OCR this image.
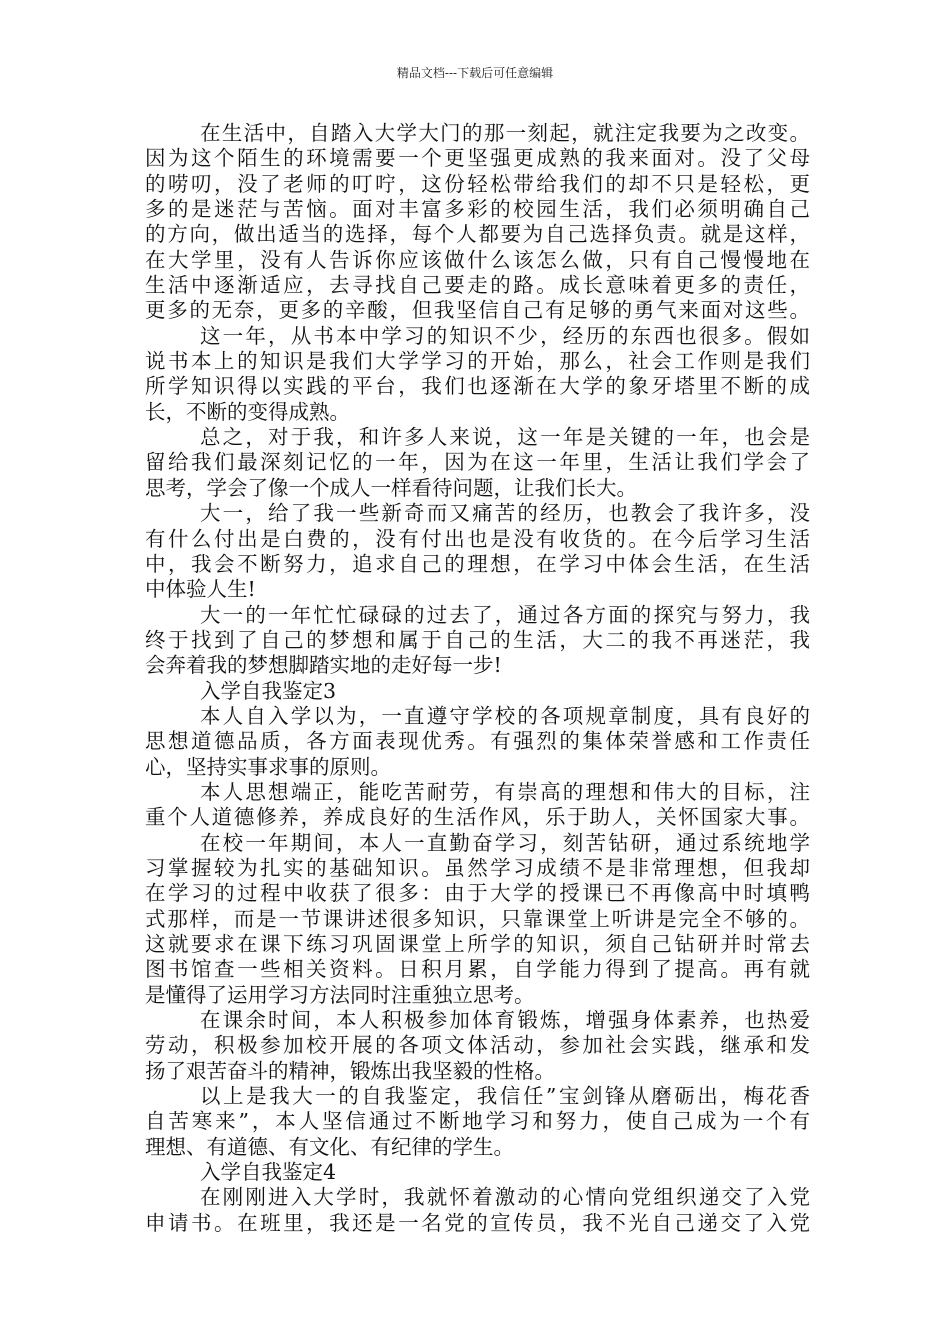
精品文档---下载后可任意编辑
在生活中，自踏入大学大门的那一刻起，就注定我要为之改变。
因为这个陌生的环境需要一个更坚强更成熟的我来面对。没了父母
的唠叨，没了老师的叮咛，这份轻松带给我们的却不只是轻松，更
多的是迷茫与苦恼。面对丰富多彩的校园生活，我们必须明确自己
的方向，做出适当的选择，每个人都要为自己选择负责。就是这样，
在大学里，没有人告诉你应该做什么该怎么做，只有自己慢慢地在
生活中逐渐适应，去寻找自己要走的路。成长意味着更多的责任，
更多的无奈，更多的辛酸，但我坚信自己有足够的勇气来面对这些。
这一年，从书本中学习的知识不少，经历的东西也很多。假如
说书本上的知识是我们大学学习的开始，那么，社会工作则是我们
所学知识得以实践的平台，我们也逐渐在大学的象牙塔里不断的成
长，不断的变得成熟。
总之，对于我，和许多人来说，这一年是关键的一年，也会是
留给我们最深刻记忆的一年，因为在这一年里，生活让我们学会了
思考，学会了像一个成人一样看待问题，让我们长大。
大一，给了我一些新奇而又痛苦的经历，也教会了我许多，没
有什么付出是白费的，没有付出也是没有收货的。在今后学习生活
中，我会不断努力，追求自己的理想，在学习中体会生活，在生活
中体验人生!
大一的一年忙忙碌碌的过去了，通过各方面的探究与努力，我
终于找到了自己的梦想和属于自己的生活，大二的我不再迷茫，我
会奔着我的梦想脚踏实地的走好每一步!
入学自我鉴定3
本人自入学以为，一直遵守学校的各项规章制度，具有良好的
思想道德品质，各方面表现优秀。有强烈的集体荣誉感和工作责任
心，坚持实事求事的原则。
本人思想端正，能吃苦耐劳，有崇高的理想和伟大的目标，注
重个人道德修养，养成良好的生活作风，乐于助人，关怀国家大事。
在校一年期间，本人一直勤奋学习，刻苦钻研，通过系统地学
习掌握较为扎实的基础知识。虽然学习成绩不是非常理想，但我却
在学习的过程中收获了很多：由于大学的授课已不再像高中时填鸭
式那样，而是一节课讲述很多知识，只靠课堂上听讲是完全不够的。
这就要求在课下练习巩固课堂上所学的知识，须自己钻研并时常去
图书馆查一些相关资料。日积月累，自学能力得到了提高。再有就
是懂得了运用学习方法同时注重独立思考。
在课余时间，本人积极参加体育锻炼，增强身体素养，也热爱
劳动，积极参加校开展的各项文体活动，参加社会实践，继承和发
扬了艰苦奋斗的精神，锻炼出我坚毅的性格。
以上是我大一的自我鉴定，我信任”宝剑锋从磨砺出，梅花香
自苦寒来”，本人坚信通过不断地学习和努力，使自己成为一个有
理想、有道德、有文化、有纪律的学生。
入学自我鉴定4
在刚刚进入大学时，我就怀着激动的心情向党组织递交了入党
申请书。在班里，我还是一名党的宣传员，我不光自己递交了入党
